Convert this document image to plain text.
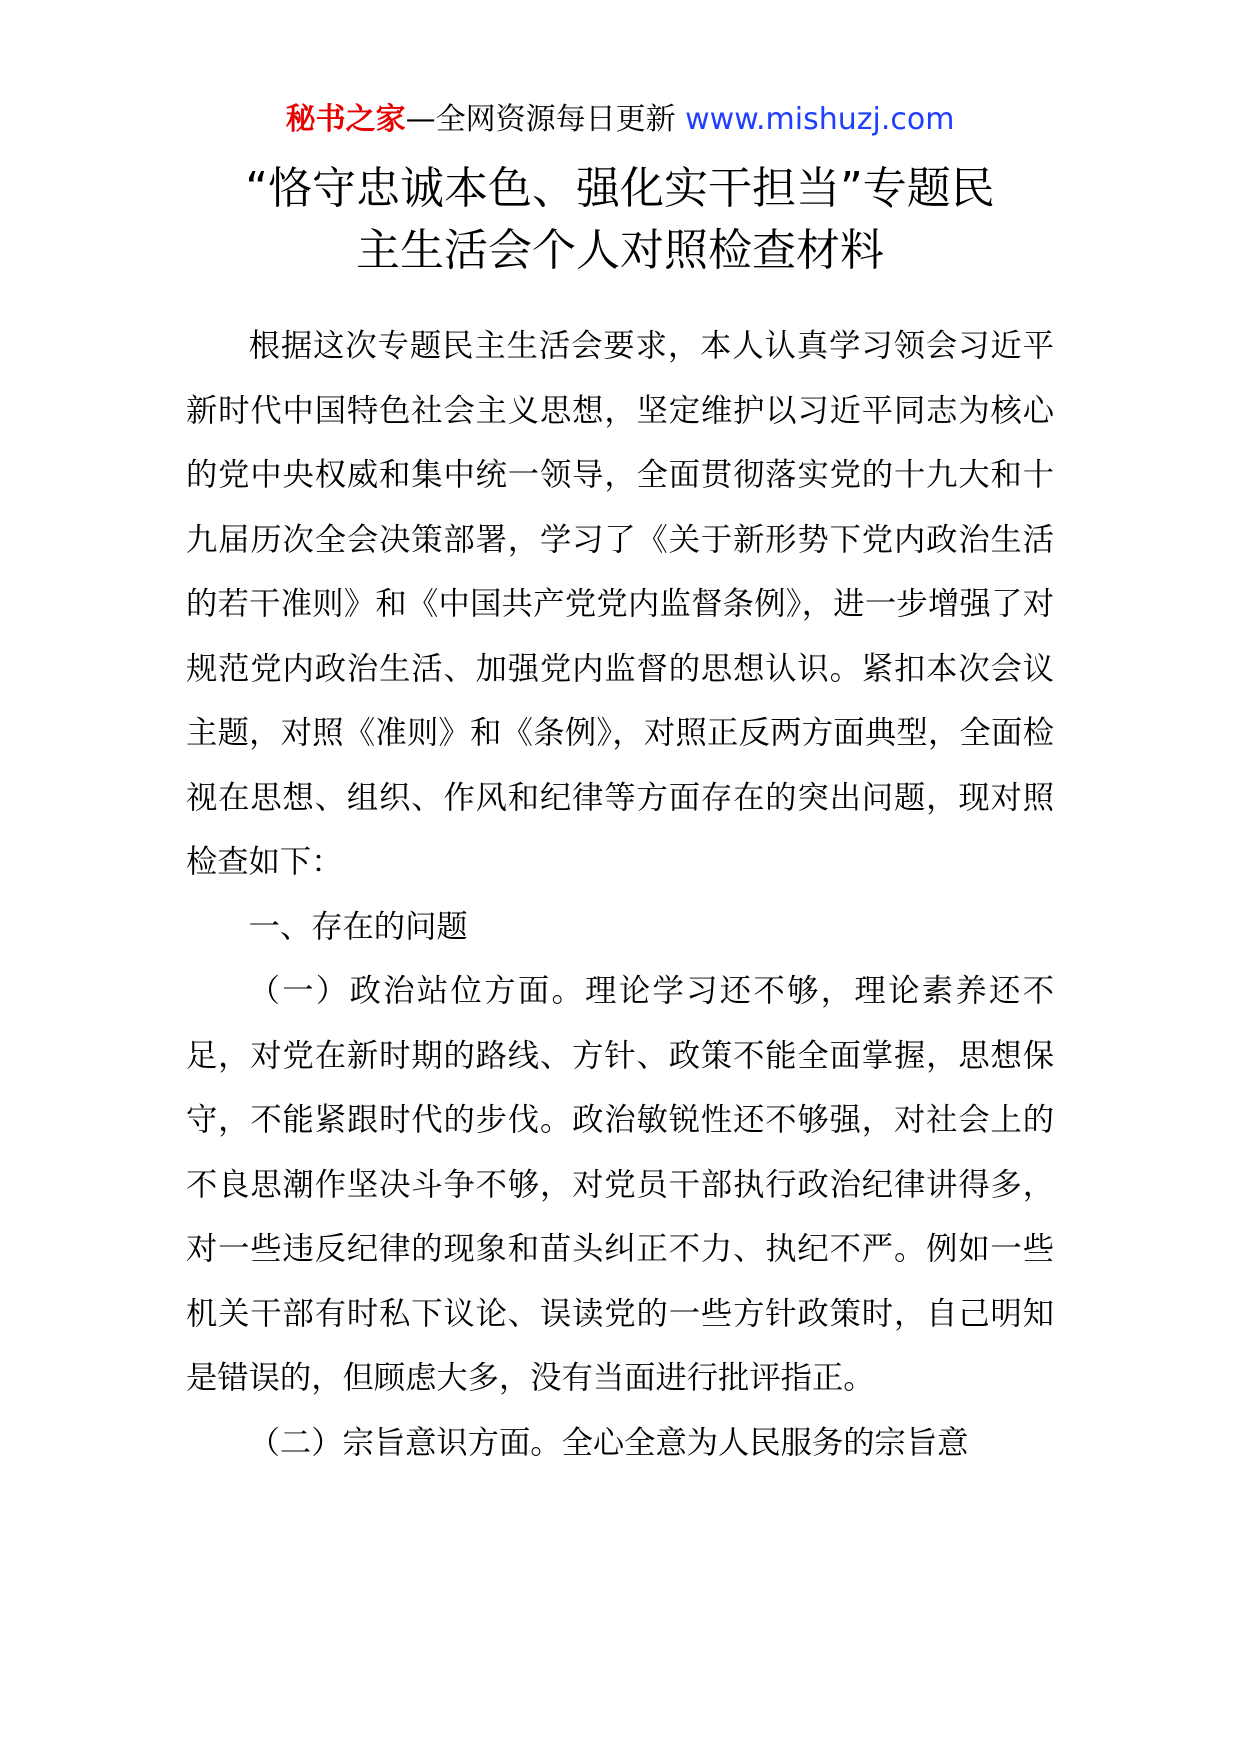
秘书之家—全网资源每日更新 www.mishuzj.com
“恪守忠诚本色、强化实干担当”专题民
主生活会个人对照检查材料

根据这次专题民主生活会要求，本人认真学习领会习近平新时代中国特色社会主义思想，坚定维护以习近平同志为核心的党中央权威和集中统一领导，全面贯彻落实党的十九大和十九届历次全会决策部署，学习了《关于新形势下党内政治生活的若干准则》和《中国共产党党内监督条例》，进一步增强了对规范党内政治生活、加强党内监督的思想认识。紧扣本次会议主题，对照《准则》和《条例》，对照正反两方面典型，全面检视在思想、组织、作风和纪律等方面存在的突出问题，现对照检查如下：

一、存在的问题

（一）政治站位方面。理论学习还不够，理论素养还不足，对党在新时期的路线、方针、政策不能全面掌握，思想保守，不能紧跟时代的步伐。政治敏锐性还不够强，对社会上的不良思潮作坚决斗争不够，对党员干部执行政治纪律讲得多，对一些违反纪律的现象和苗头纠正不力、执纪不严。例如一些机关干部有时私下议论、误读党的一些方针政策时，自己明知是错误的，但顾虑大多，没有当面进行批评指正。

（二）宗旨意识方面。全心全意为人民服务的宗旨意
